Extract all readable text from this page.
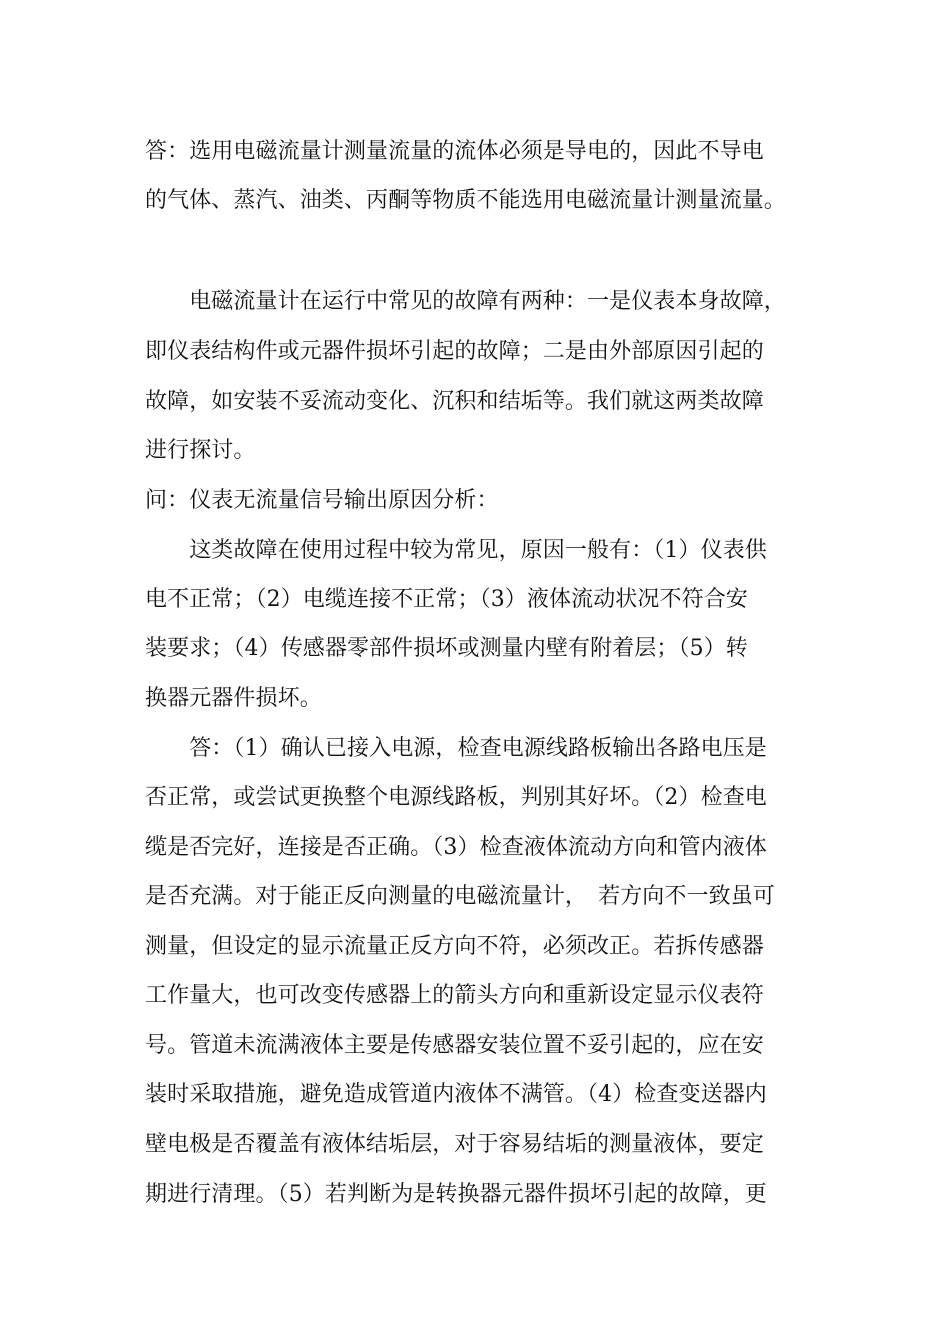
答：选用电磁流量计测量流量的流体必须是导电的，因此不导电
的气体、蒸汽、油类、丙酮等物质不能选用电磁流量计测量流量。
　　电磁流量计在运行中常见的故障有两种：一是仪表本身故障，
即仪表结构件或元器件损坏引起的故障；二是由外部原因引起的
故障，如安装不妥流动变化、沉积和结垢等。我们就这两类故障
进行探讨。
问：仪表无流量信号输出原因分析：
　　这类故障在使用过程中较为常见，原因一般有：（1）仪表供
电不正常；（2）电缆连接不正常；（3）液体流动状况不符合安
装要求；（4）传感器零部件损坏或测量内壁有附着层；（5）转
换器元器件损坏。
　　答：（1）确认已接入电源，检查电源线路板输出各路电压是
否正常，或尝试更换整个电源线路板，判别其好坏。（2）检查电
缆是否完好，连接是否正确。（3）检查液体流动方向和管内液体
是否充满。对于能正反向测量的电磁流量计，　若方向不一致虽可
测量，但设定的显示流量正反方向不符，必须改正。若拆传感器
工作量大，也可改变传感器上的箭头方向和重新设定显示仪表符
号。管道未流满液体主要是传感器安装位置不妥引起的，应在安
装时采取措施，避免造成管道内液体不满管。（4）检查变送器内
壁电极是否覆盖有液体结垢层，对于容易结垢的测量液体，要定
期进行清理。（5）若判断为是转换器元器件损坏引起的故障，更
